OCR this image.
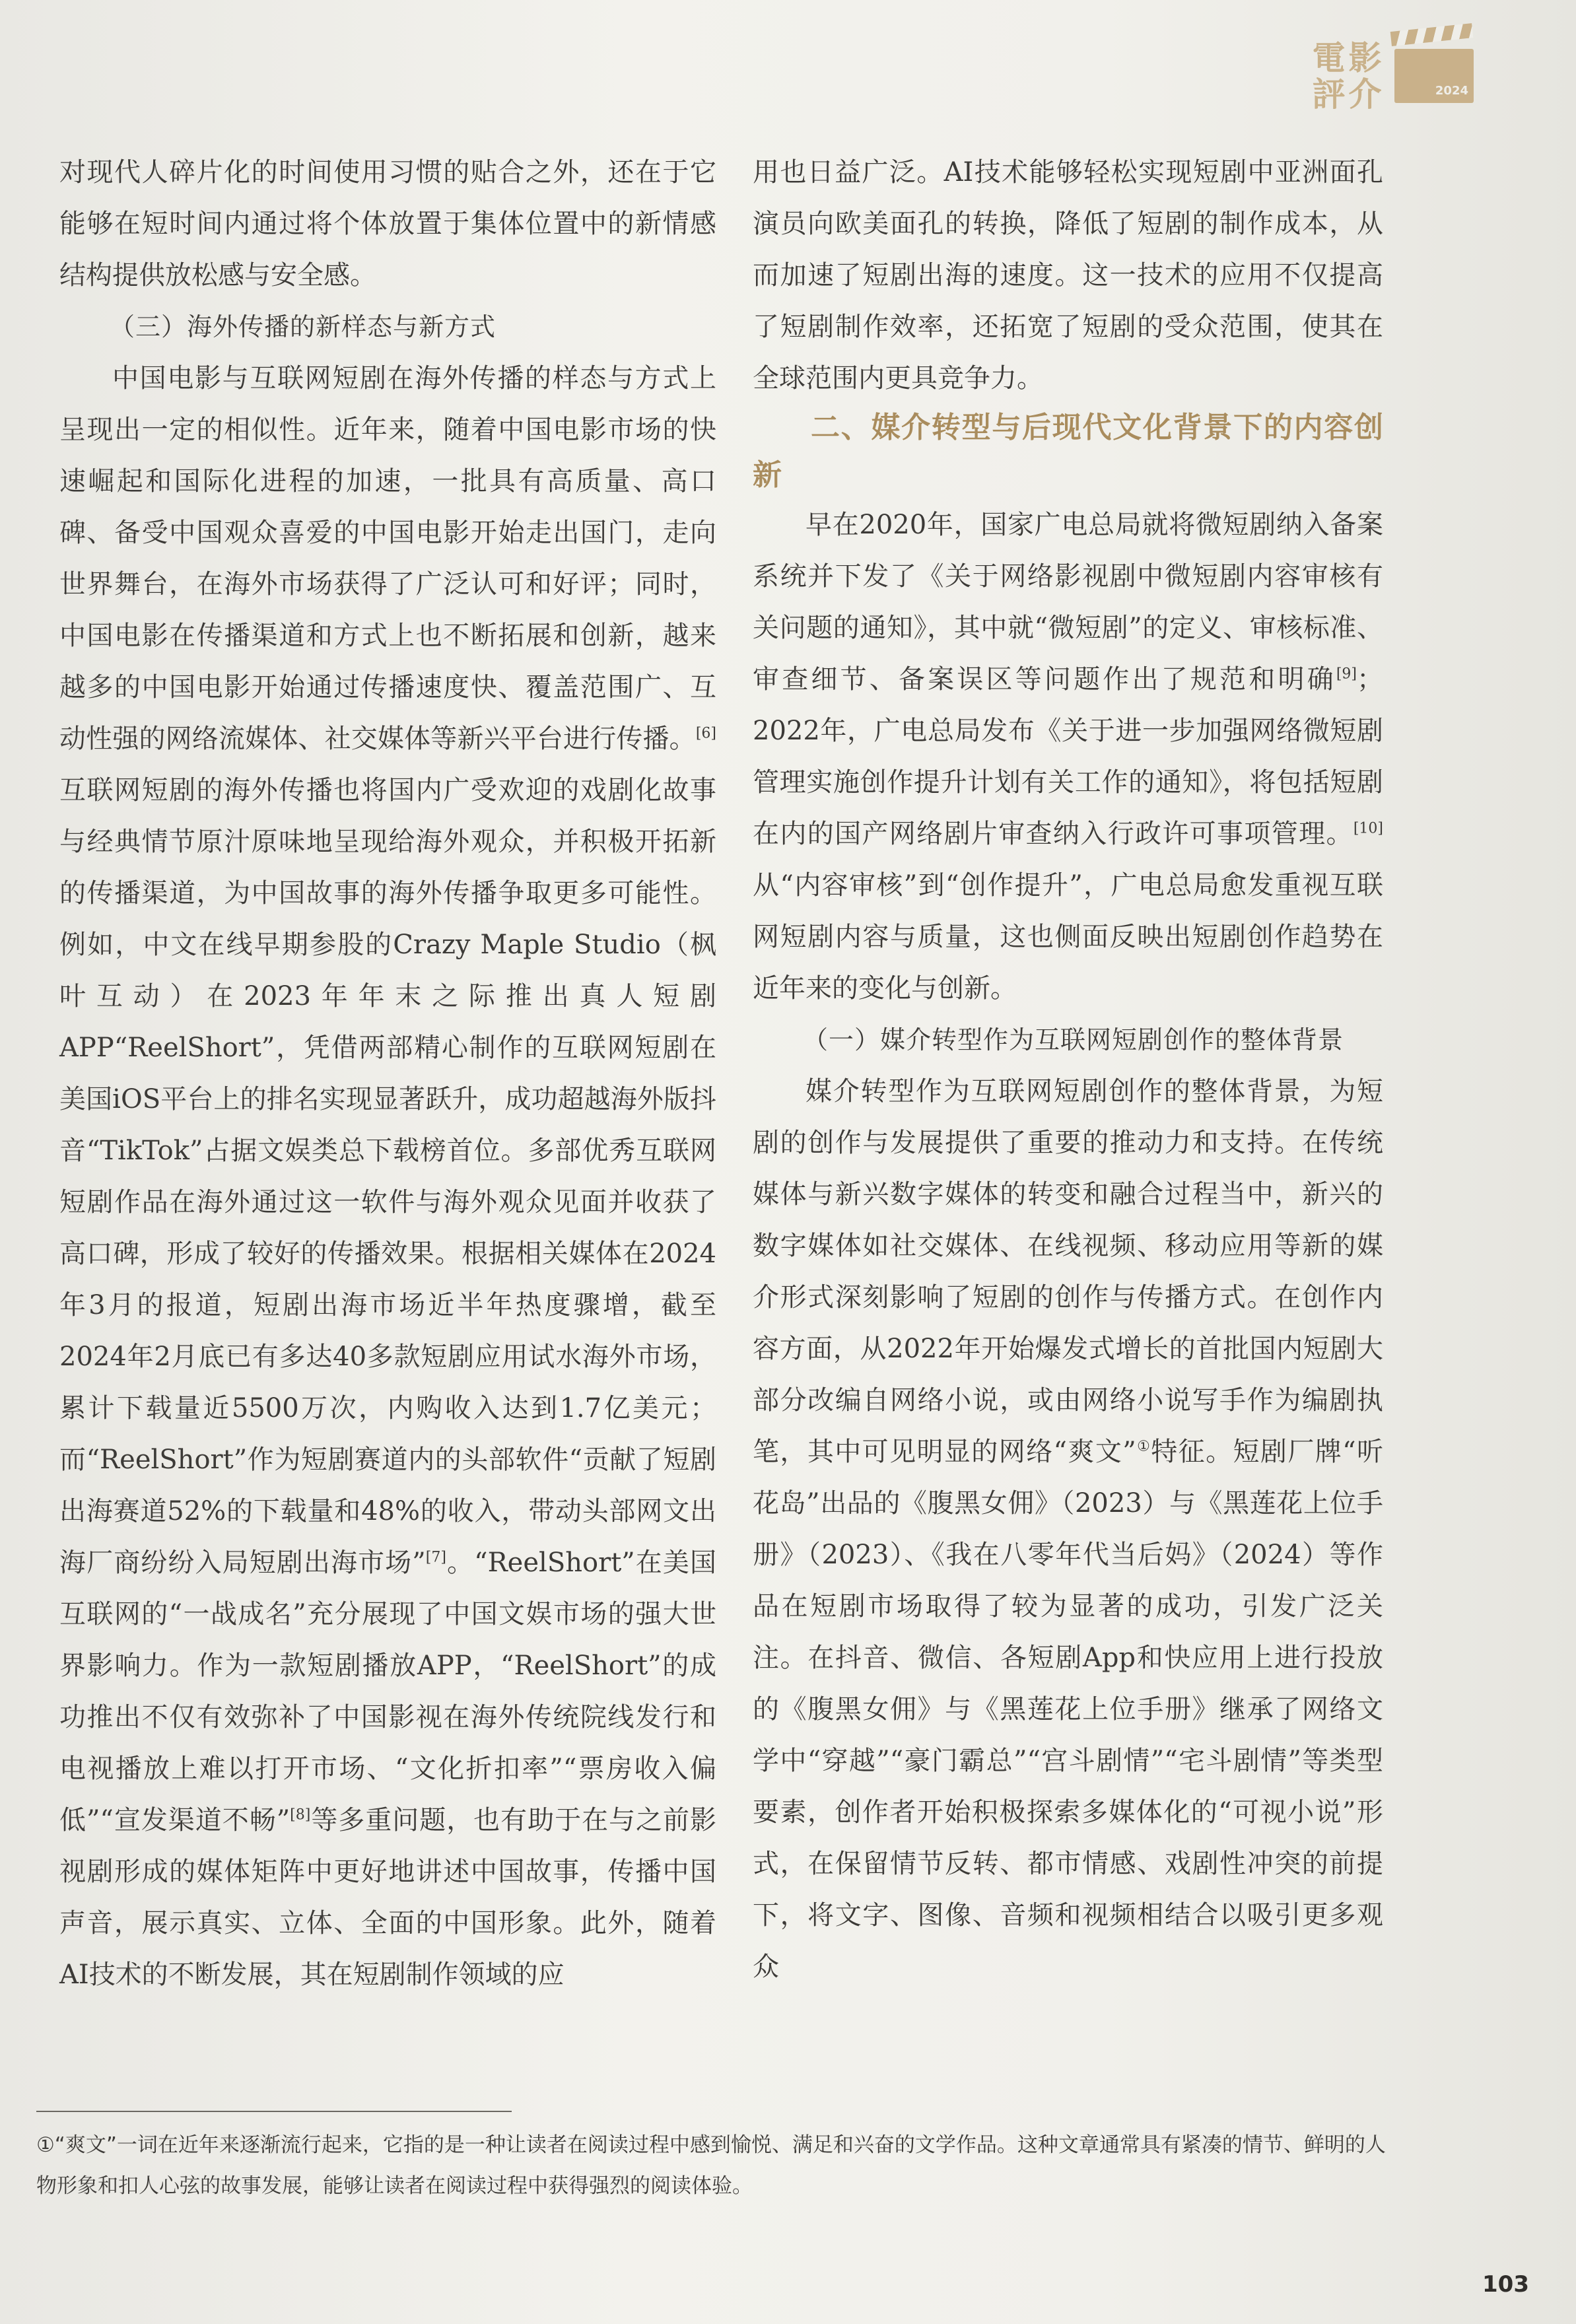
電 影
評 介	2024

对现代人碎片化的时间使用习惯的贴合之外，还在于它能够在短时间内通过将个体放置于集体位置中的新情感结构提供放松感与安全感。

（三）海外传播的新样态与新方式

中国电影与互联网短剧在海外传播的样态与方式上呈现出一定的相似性。近年来，随着中国电影市场的快速崛起和国际化进程的加速，一批具有高质量、高口碑、备受中国观众喜爱的中国电影开始走出国门，走向世界舞台，在海外市场获得了广泛认可和好评；同时，中国电影在传播渠道和方式上也不断拓展和创新，越来越多的中国电影开始通过传播速度快、覆盖范围广、互动性强的网络流媒体、社交媒体等新兴平台进行传播。[6]互联网短剧的海外传播也将国内广受欢迎的戏剧化故事与经典情节原汁原味地呈现给海外观众，并积极开拓新的传播渠道，为中国故事的海外传播争取更多可能性。例如，中文在线早期参股的Crazy Maple Studio（枫叶互动）在2023年年末之际推出真人短剧APP“ReelShort”，凭借两部精心制作的互联网短剧在美国iOS平台上的排名实现显著跃升，成功超越海外版抖音“TikTok”占据文娱类总下载榜首位。多部优秀互联网短剧作品在海外通过这一软件与海外观众见面并收获了高口碑，形成了较好的传播效果。根据相关媒体在2024年3月的报道，短剧出海市场近半年热度骤增，截至2024年2月底已有多达40多款短剧应用试水海外市场，累计下载量近5500万次，内购收入达到1.7亿美元；而“ReelShort”作为短剧赛道内的头部软件“贡献了短剧出海赛道52%的下载量和48%的收入，带动头部网文出海厂商纷纷入局短剧出海市场”[7]。“ReelShort”在美国互联网的“一战成名”充分展现了中国文娱市场的强大世界影响力。作为一款短剧播放APP，“ReelShort”的成功推出不仅有效弥补了中国影视在海外传统院线发行和电视播放上难以打开市场、“文化折扣率”“票房收入偏低”“宣发渠道不畅”[8]等多重问题，也有助于在与之前影视剧形成的媒体矩阵中更好地讲述中国故事，传播中国声音，展示真实、立体、全面的中国形象。此外，随着AI技术的不断发展，其在短剧制作领域的应

用也日益广泛。AI技术能够轻松实现短剧中亚洲面孔演员向欧美面孔的转换，降低了短剧的制作成本，从而加速了短剧出海的速度。这一技术的应用不仅提高了短剧制作效率，还拓宽了短剧的受众范围，使其在全球范围内更具竞争力。

二、媒介转型与后现代文化背景下的内容创新

早在2020年，国家广电总局就将微短剧纳入备案系统并下发了《关于网络影视剧中微短剧内容审核有关问题的通知》，其中就“微短剧”的定义、审核标准、审查细节、备案误区等问题作出了规范和明确[9]；2022年，广电总局发布《关于进一步加强网络微短剧管理实施创作提升计划有关工作的通知》，将包括短剧在内的国产网络剧片审查纳入行政许可事项管理。[10]从“内容审核”到“创作提升”，广电总局愈发重视互联网短剧内容与质量，这也侧面反映出短剧创作趋势在近年来的变化与创新。

（一）媒介转型作为互联网短剧创作的整体背景

媒介转型作为互联网短剧创作的整体背景，为短剧的创作与发展提供了重要的推动力和支持。在传统媒体与新兴数字媒体的转变和融合过程当中，新兴的数字媒体如社交媒体、在线视频、移动应用等新的媒介形式深刻影响了短剧的创作与传播方式。在创作内容方面，从2022年开始爆发式增长的首批国内短剧大部分改编自网络小说，或由网络小说写手作为编剧执笔，其中可见明显的网络“爽文”①特征。短剧厂牌“听花岛”出品的《腹黑女佣》（2023）与《黑莲花上位手册》（2023）、《我在八零年代当后妈》（2024）等作品在短剧市场取得了较为显著的成功，引发广泛关注。在抖音、微信、各短剧App和快应用上进行投放的《腹黑女佣》与《黑莲花上位手册》继承了网络文学中“穿越”“豪门霸总”“宫斗剧情”“宅斗剧情”等类型要素，创作者开始积极探索多媒体化的“可视小说”形式，在保留情节反转、都市情感、戏剧性冲突的前提下，将文字、图像、音频和视频相结合以吸引更多观众

①“爽文”一词在近年来逐渐流行起来，它指的是一种让读者在阅读过程中感到愉悦、满足和兴奋的文学作品。这种文章通常具有紧凑的情节、鲜明的人物形象和扣人心弦的故事发展，能够让读者在阅读过程中获得强烈的阅读体验。
103
